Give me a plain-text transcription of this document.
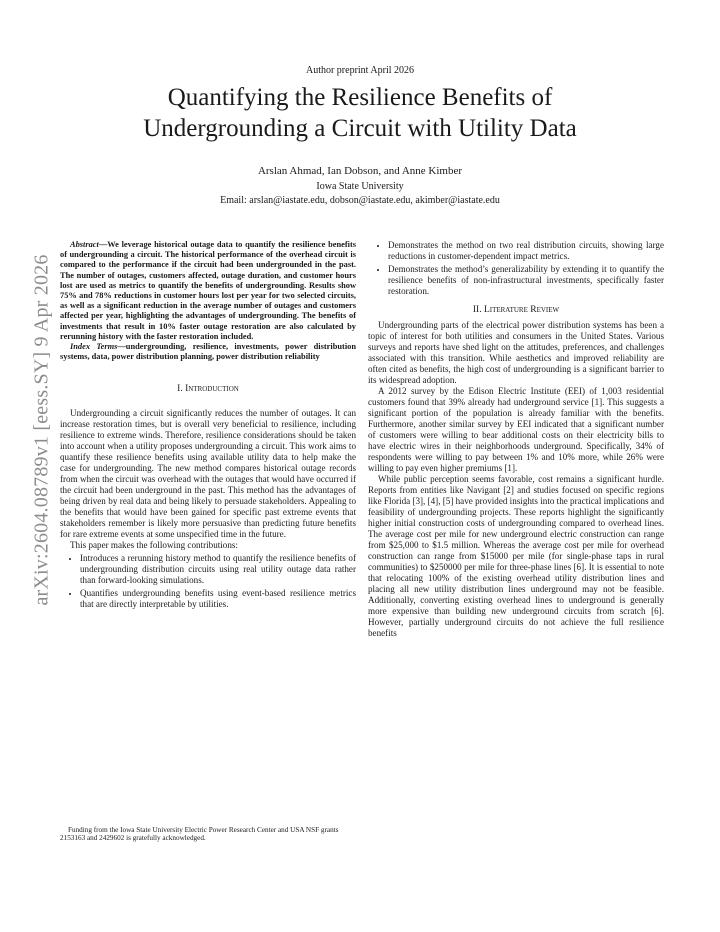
Author preprint April 2026
Quantifying the Resilience Benefits of
Undergrounding a Circuit with Utility Data
Arslan Ahmad, Ian Dobson, and Anne Kimber
Iowa State University
Email: arslan@iastate.edu, dobson@iastate.edu, akimber@iastate.edu
arXiv:2604.08789v1 [eess.SY] 9 Apr 2026

Abstract—We leverage historical outage data to quantify the resilience benefits of undergrounding a circuit. The historical performance of the overhead circuit is compared to the performance if the circuit had been undergrounded in the past. The number of outages, customers affected, outage duration, and customer hours lost are used as metrics to quantify the benefits of undergrounding. Results show 75% and 78% reductions in customer hours lost per year for two selected circuits, as well as a significant reduction in the average number of outages and customers affected per year, highlighting the advantages of undergrounding. The benefits of investments that result in 10% faster outage restoration are also calculated by rerunning history with the faster restoration included.

Index Terms—undergrounding, resilience, investments, power distribution systems, data, power distribution planning, power distribution reliability

I. Introduction

Undergrounding a circuit significantly reduces the number of outages. It can increase restoration times, but is overall very beneficial to resilience, including resilience to extreme winds. Therefore, resilience considerations should be taken into account when a utility proposes undergrounding a circuit. This work aims to quantify these resilience benefits using available utility data to help make the case for undergrounding. The new method compares historical outage records from when the circuit was overhead with the outages that would have occurred if the circuit had been underground in the past. This method has the advantages of being driven by real data and being likely to persuade stakeholders. Appealing to the benefits that would have been gained for specific past extreme events that stakeholders remember is likely more persuasive than predicting future benefits for rare extreme events at some unspecified time in the future.

This paper makes the following contributions:

• Introduces a rerunning history method to quantify the resilience benefits of undergrounding distribution circuits using real utility outage data rather than forward-looking simulations.
• Quantifies undergrounding benefits using event-based resilience metrics that are directly interpretable by utilities.
Funding from the Iowa State University Electric Power Research Center and USA NSF grants 2153163 and 2429602 is gratefully acknowledged.
• Demonstrates the method on two real distribution circuits, showing large reductions in customer-dependent impact metrics.
• Demonstrates the method’s generalizability by extending it to quantify the resilience benefits of non-infrastructural investments, specifically faster restoration.

II. Literature Review

Undergrounding parts of the electrical power distribution systems has been a topic of interest for both utilities and consumers in the United States. Various surveys and reports have shed light on the attitudes, preferences, and challenges associated with this transition. While aesthetics and improved reliability are often cited as benefits, the high cost of undergrounding is a significant barrier to its widespread adoption.

A 2012 survey by the Edison Electric Institute (EEI) of 1,003 residential customers found that 39% already had underground service [1]. This suggests a significant portion of the population is already familiar with the benefits. Furthermore, another similar survey by EEI indicated that a significant number of customers were willing to bear additional costs on their electricity bills to have electric wires in their neighborhoods underground. Specifically, 34% of respondents were willing to pay between 1% and 10% more, while 26% were willing to pay even higher premiums [1].

While public perception seems favorable, cost remains a significant hurdle. Reports from entities like Navigant [2] and studies focused on specific regions like Florida [3], [4], [5] have provided insights into the practical implications and feasibility of undergrounding projects. These reports highlight the significantly higher initial construction costs of undergrounding compared to overhead lines. The average cost per mile for new underground electric construction can range from $25,000 to $1.5 million. Whereas the average cost per mile for overhead construction can range from $15000 per mile (for single-phase taps in rural communities) to $250000 per mile for three-phase lines [6]. It is essential to note that relocating 100% of the existing overhead utility distribution lines and placing all new utility distribution lines underground may not be feasible. Additionally, converting existing overhead lines to underground is generally more expensive than building new underground circuits from scratch [6]. However, partially underground circuits do not achieve the full resilience benefits
